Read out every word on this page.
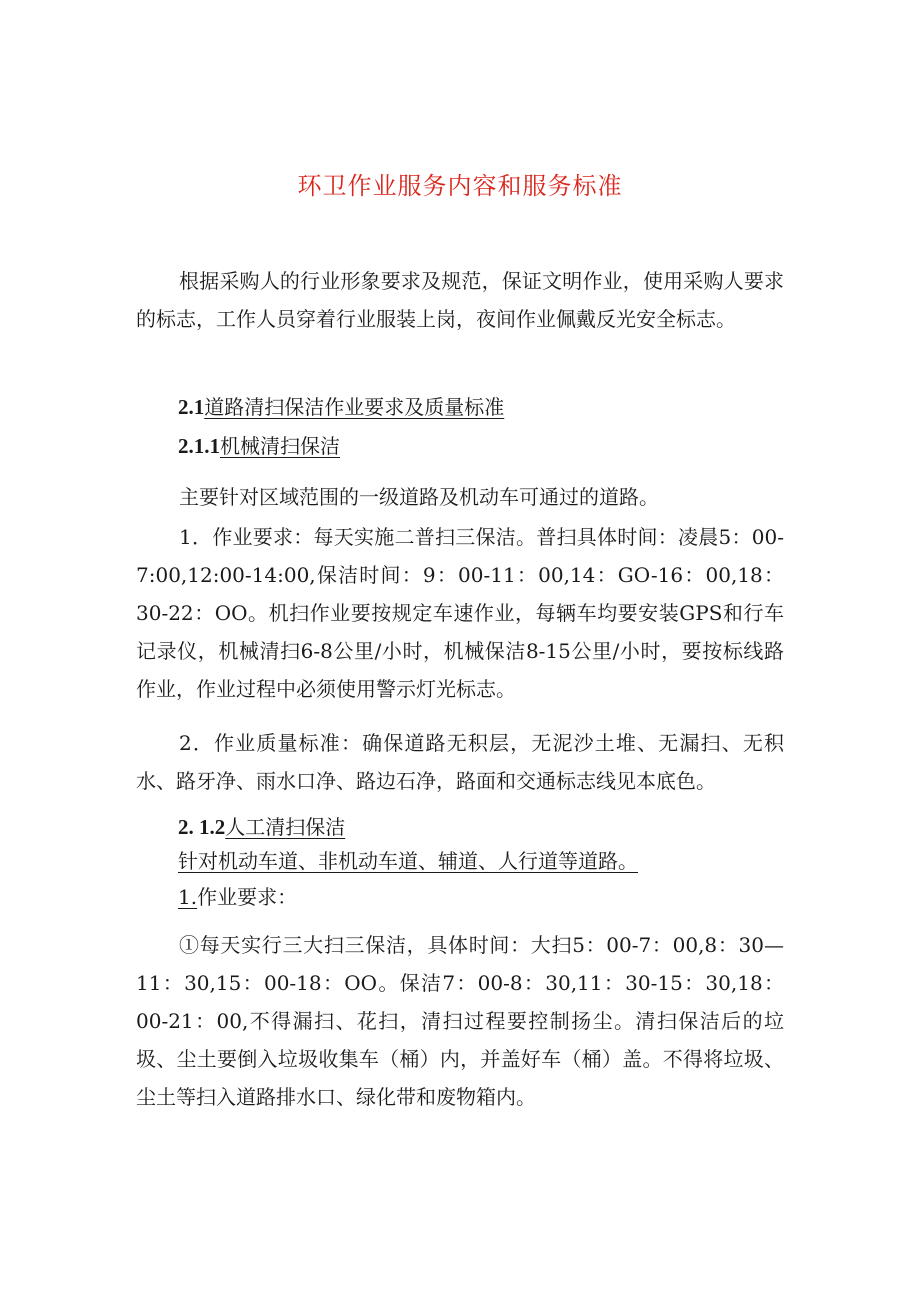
环卫作业服务内容和服务标准

根据采购人的行业形象要求及规范，保证文明作业，使用采购人要求的标志，工作人员穿着行业服装上岗，夜间作业佩戴反光安全标志。

2.1道路清扫保洁作业要求及质量标准
2.1.1机械清扫保洁

主要针对区域范围的一级道路及机动车可通过的道路。

1．作业要求：每天实施二普扫三保洁。普扫具体时间：凌晨5：00-7:00,12:00-14:00,保洁时间：9：00-11：00,14：GO-16：00,18：30-22：OO。机扫作业要按规定车速作业，每辆车均要安装GPS和行车记录仪，机械清扫6-8公里/小时，机械保洁8-15公里/小时，要按标线路作业，作业过程中必须使用警示灯光标志。

2．作业质量标准：确保道路无积层，无泥沙土堆、无漏扫、无积水、路牙净、雨水口净、路边石净，路面和交通标志线见本底色。

2. 1.2人工清扫保洁
针对机动车道、非机动车道、辅道、人行道等道路。
1.作业要求：

①每天实行三大扫三保洁，具体时间：大扫5：00-7：00,8：30—11：30,15：00-18：OO。保洁7：00-8：30,11：30-15：30,18：00-21：00,不得漏扫、花扫，清扫过程要控制扬尘。清扫保洁后的垃圾、尘土要倒入垃圾收集车（桶）内，并盖好车（桶）盖。不得将垃圾、尘土等扫入道路排水口、绿化带和废物箱内。
